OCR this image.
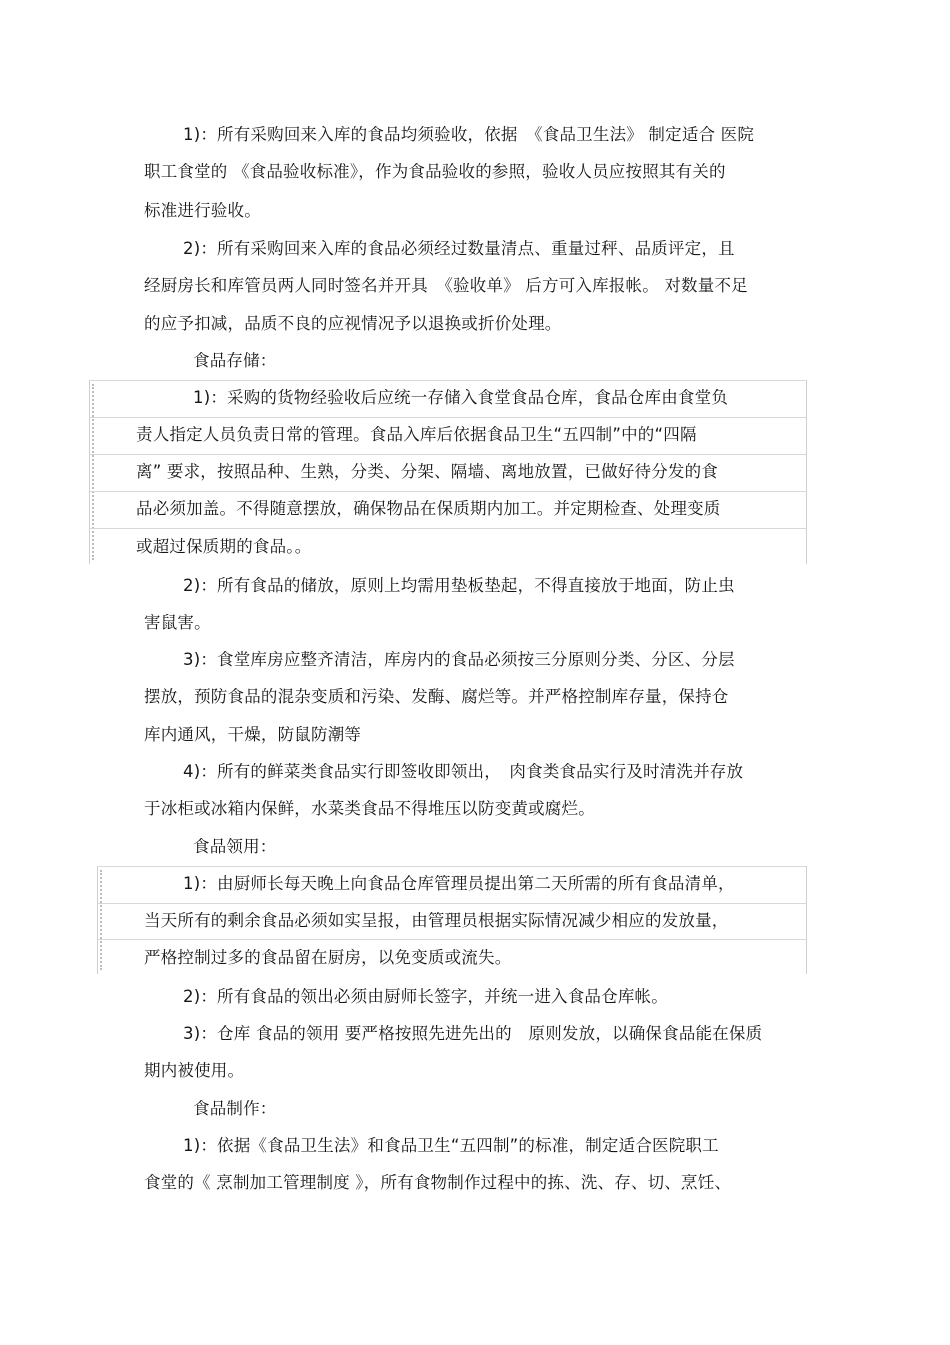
1)：所有采购回来入库的食品均须验收，依据　《食品卫生法》 制定适合 医院
职工食堂的 《食品验收标准》，作为食品验收的参照，验收人员应按照其有关的
标准进行验收。
2)：所有采购回来入库的食品必须经过数量清点、重量过秤、品质评定，且
经厨房长和库管员两人同时签名并开具　《验收单》 后方可入库报帐。 对数量不足
的应予扣减，品质不良的应视情况予以退换或折价处理。
食品存储：
1)：采购的货物经验收后应统一存储入食堂食品仓库，食品仓库由食堂负
责人指定人员负责日常的管理。食品入库后依据食品卫生“五四制”中的“四隔
离” 要求，按照品种、生熟，分类、分架、隔墙、离地放置，已做好待分发的食
品必须加盖。不得随意摆放，确保物品在保质期内加工。并定期检查、处理变质
或超过保质期的食品。。
2)：所有食品的储放，原则上均需用垫板垫起，不得直接放于地面，防止虫
害鼠害。
3)：食堂库房应整齐清洁，库房内的食品必须按三分原则分类、分区、分层
摆放，预防食品的混杂变质和污染、发酶、腐烂等。并严格控制库存量，保持仓
库内通风，干燥，防鼠防潮等
4)：所有的鲜菜类食品实行即签收即领出，　肉食类食品实行及时清洗并存放
于冰柜或冰箱内保鲜，水菜类食品不得堆压以防变黄或腐烂。
食品领用：
1)：由厨师长每天晚上向食品仓库管理员提出第二天所需的所有食品清单，
当天所有的剩余食品必须如实呈报，由管理员根据实际情况减少相应的发放量，
严格控制过多的食品留在厨房，以免变质或流失。
2)：所有食品的领出必须由厨师长签字，并统一进入食品仓库帐。
3)：仓库 食品的领用 要严格按照先进先出的　原则发放，以确保食品能在保质
期内被使用。
食品制作：
1)：依据《食品卫生法》和食品卫生“五四制”的标准，制定适合医院职工
食堂的《 烹制加工管理制度 》，所有食物制作过程中的拣、洗、存、切、烹饪、
